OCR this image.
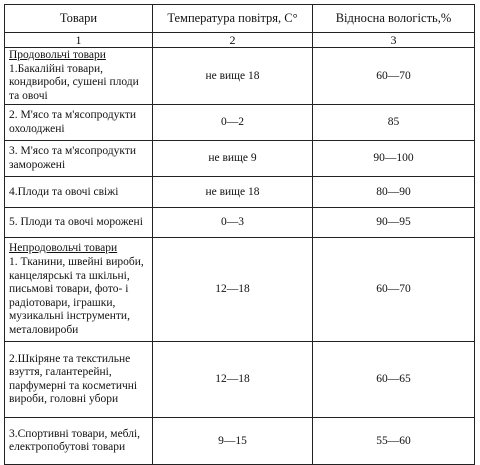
Товари	Температура повітря, С°	Відносна вологість,%
1	2	3

Продовольчі товари
1.Бакалійні товари, кондвироби, сушені плоди та овочі	не вище 18	60—70
2. М'ясо та м'ясопродукти охолоджені	0—2	85
3. М'ясо та м'ясопродукти заморожені	не вище 9	90—100
4.Плоди та овочі свіжі	не вище 18	80—90
5. Плоди та овочі морожені	0—3	90—95

Непродовольчі товари
1. Тканини, швейні вироби, канцелярські та шкільні, письмові товари, фото- і радіотовари, іграшки, музикальні інструменти, металовироби	12—18	60—70
2.Шкіряне та текстильне взуття, галантерейні, парфумерні та косметичні вироби, головні убори	12—18	60—65
3.Спортивні товари, меблі, електропобутові товари	9—15	55—60
